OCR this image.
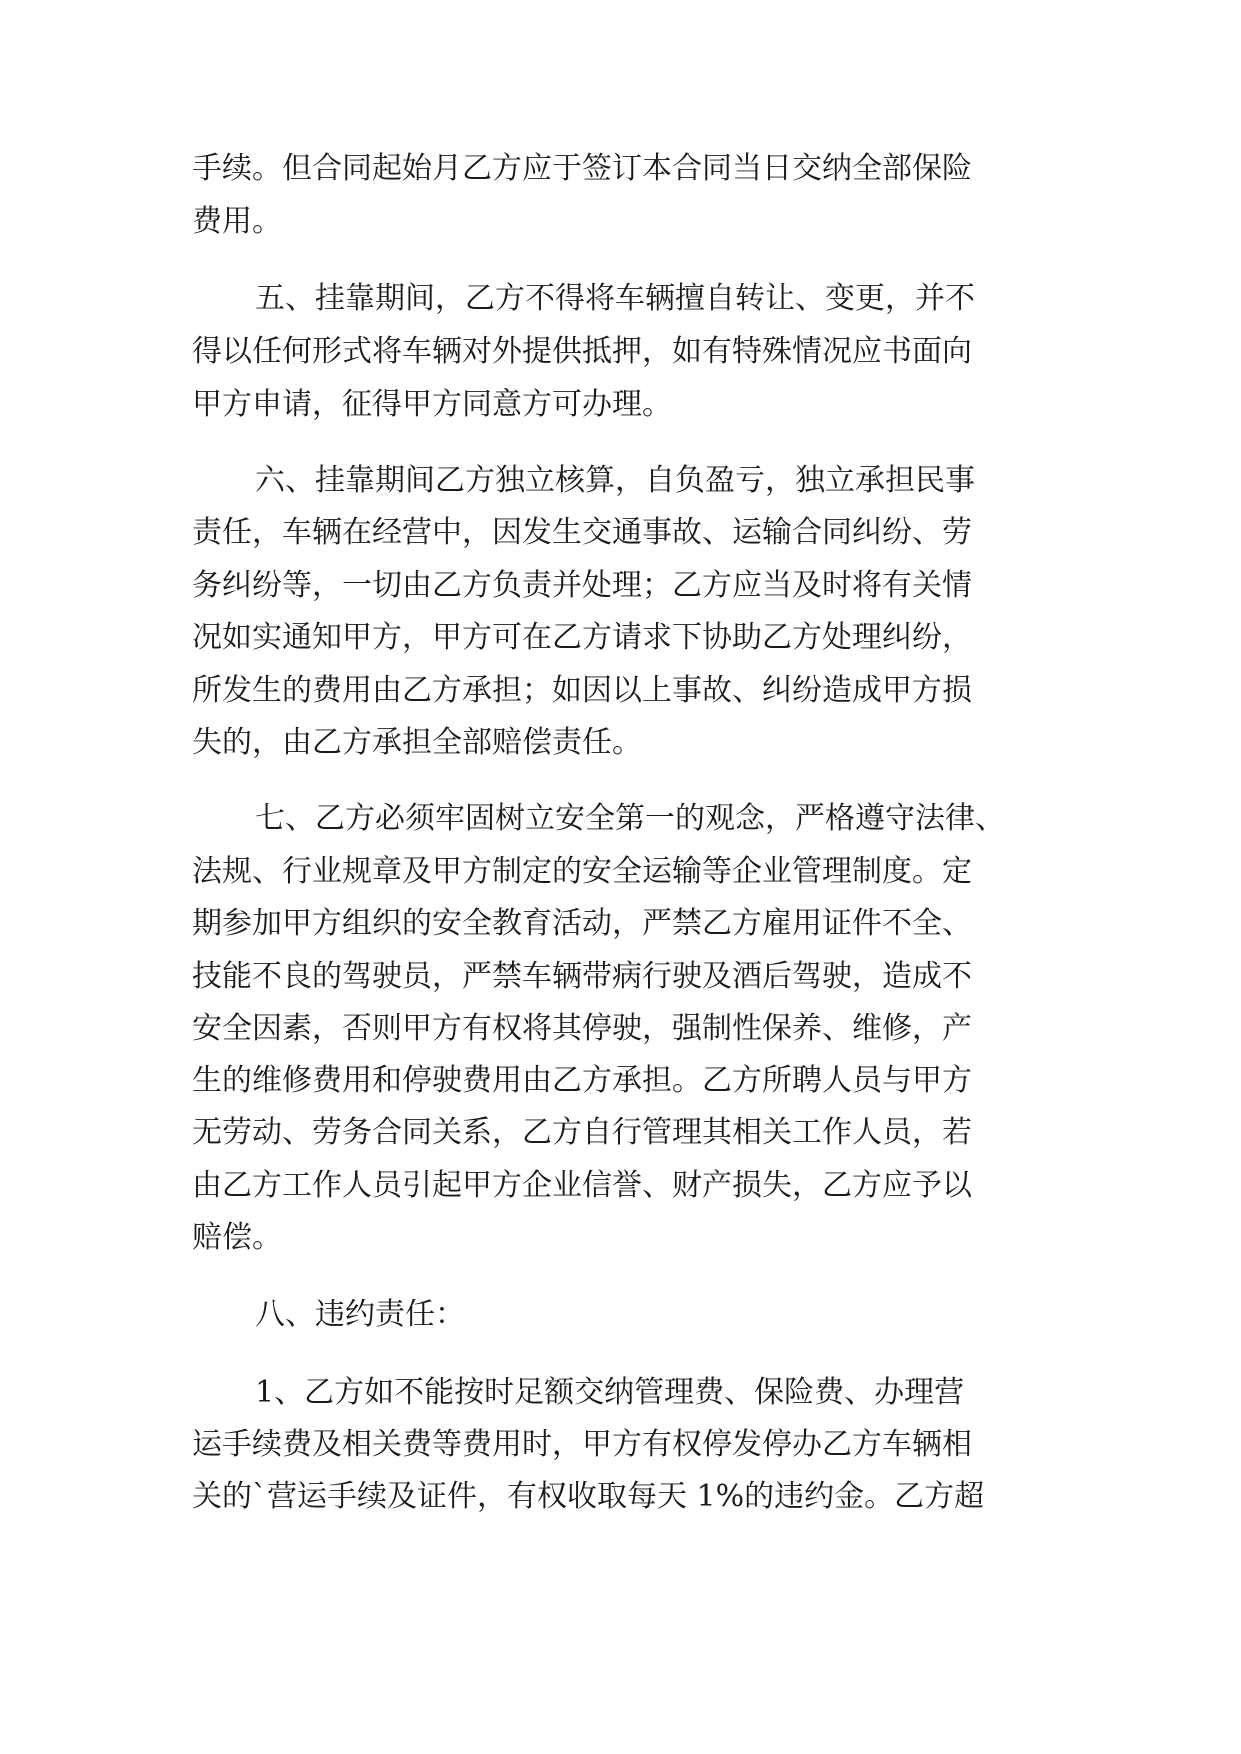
手续。但合同起始月乙方应于签订本合同当日交纳全部保险

费用。

五、挂靠期间，乙方不得将车辆擅自转让、变更，并不

得以任何形式将车辆对外提供抵押，如有特殊情况应书面向

甲方申请，征得甲方同意方可办理。

六、挂靠期间乙方独立核算，自负盈亏，独立承担民事

责任，车辆在经营中，因发生交通事故、运输合同纠纷、劳

务纠纷等，一切由乙方负责并处理；乙方应当及时将有关情

况如实通知甲方，甲方可在乙方请求下协助乙方处理纠纷，

所发生的费用由乙方承担；如因以上事故、纠纷造成甲方损

失的，由乙方承担全部赔偿责任。

七、乙方必须牢固树立安全第一的观念，严格遵守法律、

法规、行业规章及甲方制定的安全运输等企业管理制度。定

期参加甲方组织的安全教育活动，严禁乙方雇用证件不全、

技能不良的驾驶员，严禁车辆带病行驶及酒后驾驶，造成不

安全因素，否则甲方有权将其停驶，强制性保养、维修，产

生的维修费用和停驶费用由乙方承担。乙方所聘人员与甲方

无劳动、劳务合同关系，乙方自行管理其相关工作人员，若

由乙方工作人员引起甲方企业信誉、财产损失，乙方应予以

赔偿。

八、违约责任：

1、乙方如不能按时足额交纳管理费、保险费、办理营

运手续费及相关费等费用时，甲方有权停发停办乙方车辆相

关的`营运手续及证件，有权收取每天 1%的违约金。乙方超
